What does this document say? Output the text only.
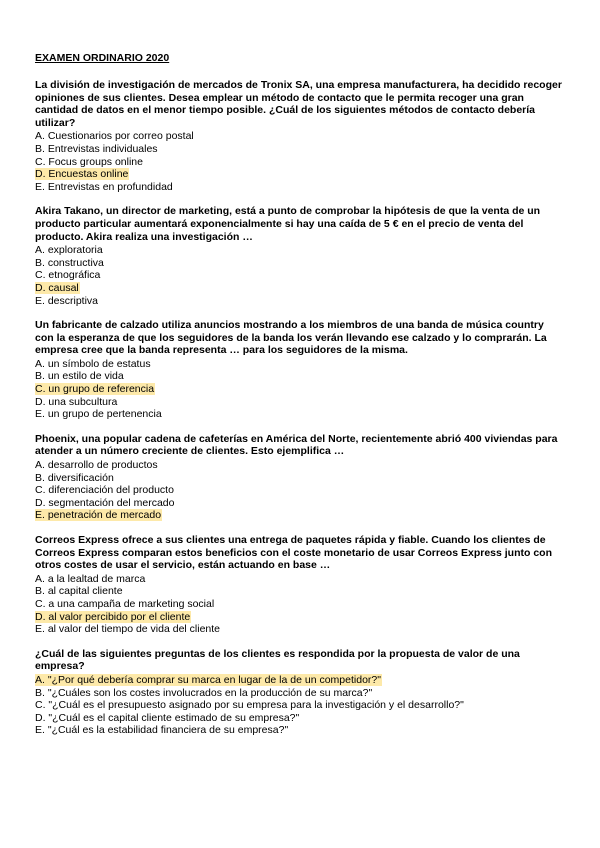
EXAMEN ORDINARIO 2020

La división de investigación de mercados de Tronix SA, una empresa manufacturera, ha decidido recoger opiniones de sus clientes. Desea emplear un método de contacto que le permita recoger una gran cantidad de datos en el menor tiempo posible. ¿Cuál de los siguientes métodos de contacto debería utilizar?

A. Cuestionarios por correo postal
B. Entrevistas individuales
C. Focus groups online
D. Encuestas online
E. Entrevistas en profundidad

Akira Takano, un director de marketing, está a punto de comprobar la hipótesis de que la venta de un producto particular aumentará exponencialmente si hay una caída de 5 € en el precio de venta del producto. Akira realiza una investigación …

A. exploratoria
B. constructiva
C. etnográfica
D. causal
E. descriptiva

Un fabricante de calzado utiliza anuncios mostrando a los miembros de una banda de música country con la esperanza de que los seguidores de la banda los verán llevando ese calzado y lo comprarán. La empresa cree que la banda representa … para los seguidores de la misma.

A. un símbolo de estatus
B. un estilo de vida
C. un grupo de referencia
D. una subcultura
E. un grupo de pertenencia

Phoenix, una popular cadena de cafeterías en América del Norte, recientemente abrió 400 viviendas para atender a un número creciente de clientes. Esto ejemplifica …

A. desarrollo de productos
B. diversificación
C. diferenciación del producto
D. segmentación del mercado
E. penetración de mercado

Correos Express ofrece a sus clientes una entrega de paquetes rápida y fiable. Cuando los clientes de Correos Express comparan estos beneficios con el coste monetario de usar Correos Express junto con otros costes de usar el servicio, están actuando en base …

A. a la lealtad de marca
B. al capital cliente
C. a una campaña de marketing social
D. al valor percibido por el cliente
E. al valor del tiempo de vida del cliente

¿Cuál de las siguientes preguntas de los clientes es respondida por la propuesta de valor de una empresa?

A. "¿Por qué debería comprar su marca en lugar de la de un competidor?"
B. "¿Cuáles son los costes involucrados en la producción de su marca?"
C. "¿Cuál es el presupuesto asignado por su empresa para la investigación y el desarrollo?"
D. "¿Cuál es el capital cliente estimado de su empresa?"
E. "¿Cuál es la estabilidad financiera de su empresa?"
